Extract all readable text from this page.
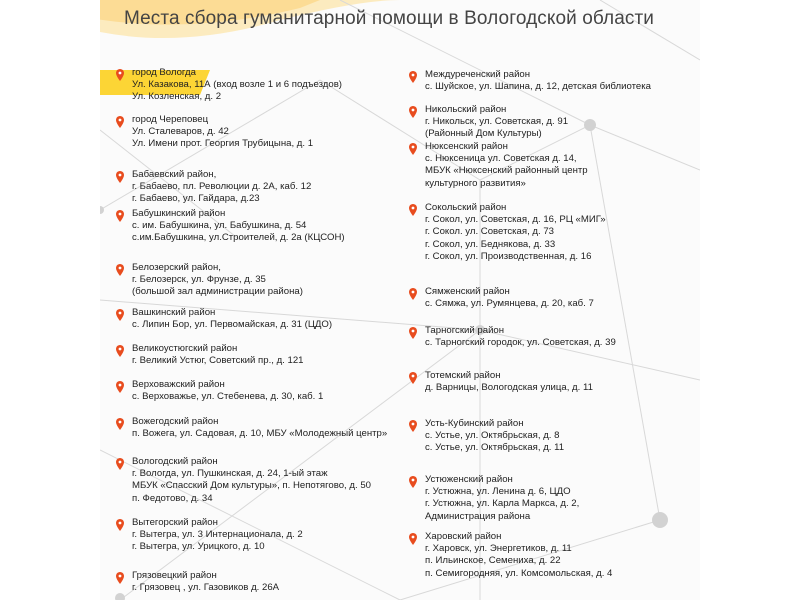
Места сбора гуманитарной помощи в Вологодской области
город Вологда
Ул. Казакова, 11А (вход возле 1 и 6 подъездов)
Ул. Козленская, д. 2
город Череповец
Ул. Сталеваров, д. 42
Ул. Имени прот. Георгия Трубицына, д. 1
Бабаевский район,
г. Бабаево, пл. Революции д. 2А, каб. 12
г. Бабаево, ул. Гайдара, д.23
Бабушкинский район
с. им. Бабушкина, ул. Бабушкина, д. 54
с.им.Бабушкина, ул.Строителей, д. 2а (КЦСОН)
Белозерский район,
г. Белозерск, ул. Фрунзе, д. 35
(большой зал администрации района)
Вашкинский район
с. Липин Бор, ул. Первомайская, д. 31 (ЦДО)
Великоустюгский район
г. Великий Устюг, Советский пр., д. 121
Верховажский район
с. Верховажье, ул. Стебенева, д. 30, каб. 1
Вожегодский район
п. Вожега, ул. Садовая, д. 10, МБУ «Молодежный центр»
Вологодский район
г. Вологда, ул. Пушкинская, д. 24, 1-ый этаж
МБУК «Спасский Дом культуры», п. Непотягово, д. 50
п. Федотово, д. 34
Вытегорский район
г. Вытегра, ул. 3 Интернационала, д. 2
г. Вытегра, ул. Урицкого, д. 10
Грязовецкий район
г. Грязовец , ул. Газовиков д. 26А
Междуреченский район
с. Шуйское, ул. Шапина, д. 12, детская библиотека
Никольский район
г. Никольск, ул. Советская, д. 91
(Районный Дом Культуры)
Нюксенский район
с. Нюксеница ул. Советская д. 14,
МБУК «Нюксенский районный центр
культурного развития»
Сокольский район
г. Сокол, ул. Советская, д. 16, РЦ «МИГ»
г. Сокол. ул. Советская, д. 73
г. Сокол, ул. Беднякова, д. 33
г. Сокол, ул. Производственная, д. 16
Сямженский район
с. Сямжа, ул. Румянцева, д. 20, каб. 7
Тарногский район
с. Тарногский городок, ул. Советская, д. 39
Тотемский район
д. Варницы, Вологодская улица, д. 11
Усть-Кубинский район
с. Устье, ул. Октябрьская, д. 8
с. Устье, ул. Октябрьская, д. 11
Устюженский район
г. Устюжна, ул. Ленина д. 6, ЦДО
г. Устюжна, ул. Карла Маркса, д. 2,
Администрация района
Харовский район
г. Харовск, ул. Энергетиков, д. 11
п. Ильинское, Семениха, д. 22
п. Семигородняя, ул. Комсомольская, д. 4
